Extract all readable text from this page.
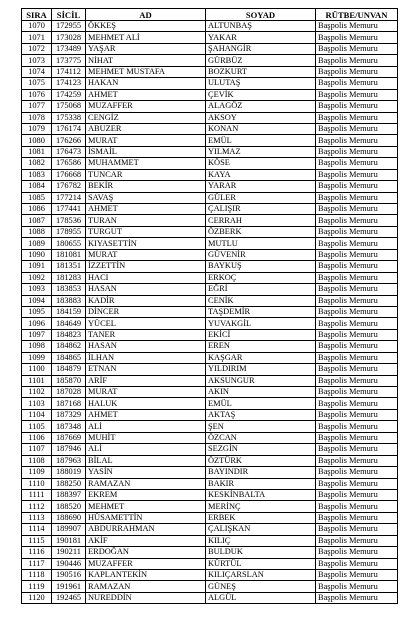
SIRA	SİCİL	AD	SOYAD	RÜTBE/UNVAN
1070	172955	ÖKKEŞ	ALTUNBAŞ	Başpolis Memuru
1071	173028	MEHMET ALİ	YAKAR	Başpolis Memuru
1072	173489	YAŞAR	ŞAHANGİR	Başpolis Memuru
1073	173775	NİHAT	GÜRBÜZ	Başpolis Memuru
1074	174112	MEHMET MUSTAFA	BOZKURT	Başpolis Memuru
1075	174123	HAKAN	ULUTAŞ	Başpolis Memuru
1076	174259	AHMET	ÇEVİK	Başpolis Memuru
1077	175068	MUZAFFER	ALAGÖZ	Başpolis Memuru
1078	175338	CENGİZ	AKSOY	Başpolis Memuru
1079	176174	ABUZER	KONAN	Başpolis Memuru
1080	176266	MURAT	EMÜL	Başpolis Memuru
1081	176473	İSMAİL	YILMAZ	Başpolis Memuru
1082	176586	MUHAMMET	KÖSE	Başpolis Memuru
1083	176668	TUNCAR	KAYA	Başpolis Memuru
1084	176782	BEKİR	YARAR	Başpolis Memuru
1085	177214	SAVAŞ	GÜLER	Başpolis Memuru
1086	177441	AHMET	ÇALIŞIR	Başpolis Memuru
1087	178536	TURAN	CERRAH	Başpolis Memuru
1088	178955	TURGUT	ÖZBERK	Başpolis Memuru
1089	180655	KIYASETTİN	MUTLU	Başpolis Memuru
1090	181081	MURAT	GÜVENİR	Başpolis Memuru
1091	181351	İZZETTİN	BAYKUŞ	Başpolis Memuru
1092	181283	HACI	ERKOÇ	Başpolis Memuru
1093	183853	HASAN	EĞRİ	Başpolis Memuru
1094	183883	KADİR	CENİK	Başpolis Memuru
1095	184159	DİNCER	TAŞDEMİR	Başpolis Memuru
1096	184649	YÜCEL	YUVAKGİL	Başpolis Memuru
1097	184823	TANER	EKİCİ	Başpolis Memuru
1098	184862	HASAN	EREN	Başpolis Memuru
1099	184865	İLHAN	KAŞGAR	Başpolis Memuru
1100	184879	ETNAN	YILDIRIM	Başpolis Memuru
1101	185870	ARİF	AKSUNGUR	Başpolis Memuru
1102	187028	MURAT	AKIN	Başpolis Memuru
1103	187168	HALUK	EMÜL	Başpolis Memuru
1104	187329	AHMET	AKTAŞ	Başpolis Memuru
1105	187348	ALİ	ŞEN	Başpolis Memuru
1106	187669	MUHİT	ÖZCAN	Başpolis Memuru
1107	187946	ALİ	SEZGİN	Başpolis Memuru
1108	187963	BİLAL	ÖZTÜRK	Başpolis Memuru
1109	188019	YASİN	BAYINDIR	Başpolis Memuru
1110	188250	RAMAZAN	BAKIR	Başpolis Memuru
1111	188397	EKREM	KESKİNBALTA	Başpolis Memuru
1112	188520	MEHMET	MERİNÇ	Başpolis Memuru
1113	188690	HÜSAMETTİN	ERBEK	Başpolis Memuru
1114	189907	ABDURRAHMAN	ÇALIŞKAN	Başpolis Memuru
1115	190181	AKİF	KILIÇ	Başpolis Memuru
1116	190211	ERDOĞAN	BULDUK	Başpolis Memuru
1117	190446	MUZAFFER	KÜRTÜL	Başpolis Memuru
1118	190516	KAPLANTEKİN	KILIÇARSLAN	Başpolis Memuru
1119	191961	RAMAZAN	GÜNEŞ	Başpolis Memuru
1120	192465	NUREDDİN	ALGÜL	Başpolis Memuru
